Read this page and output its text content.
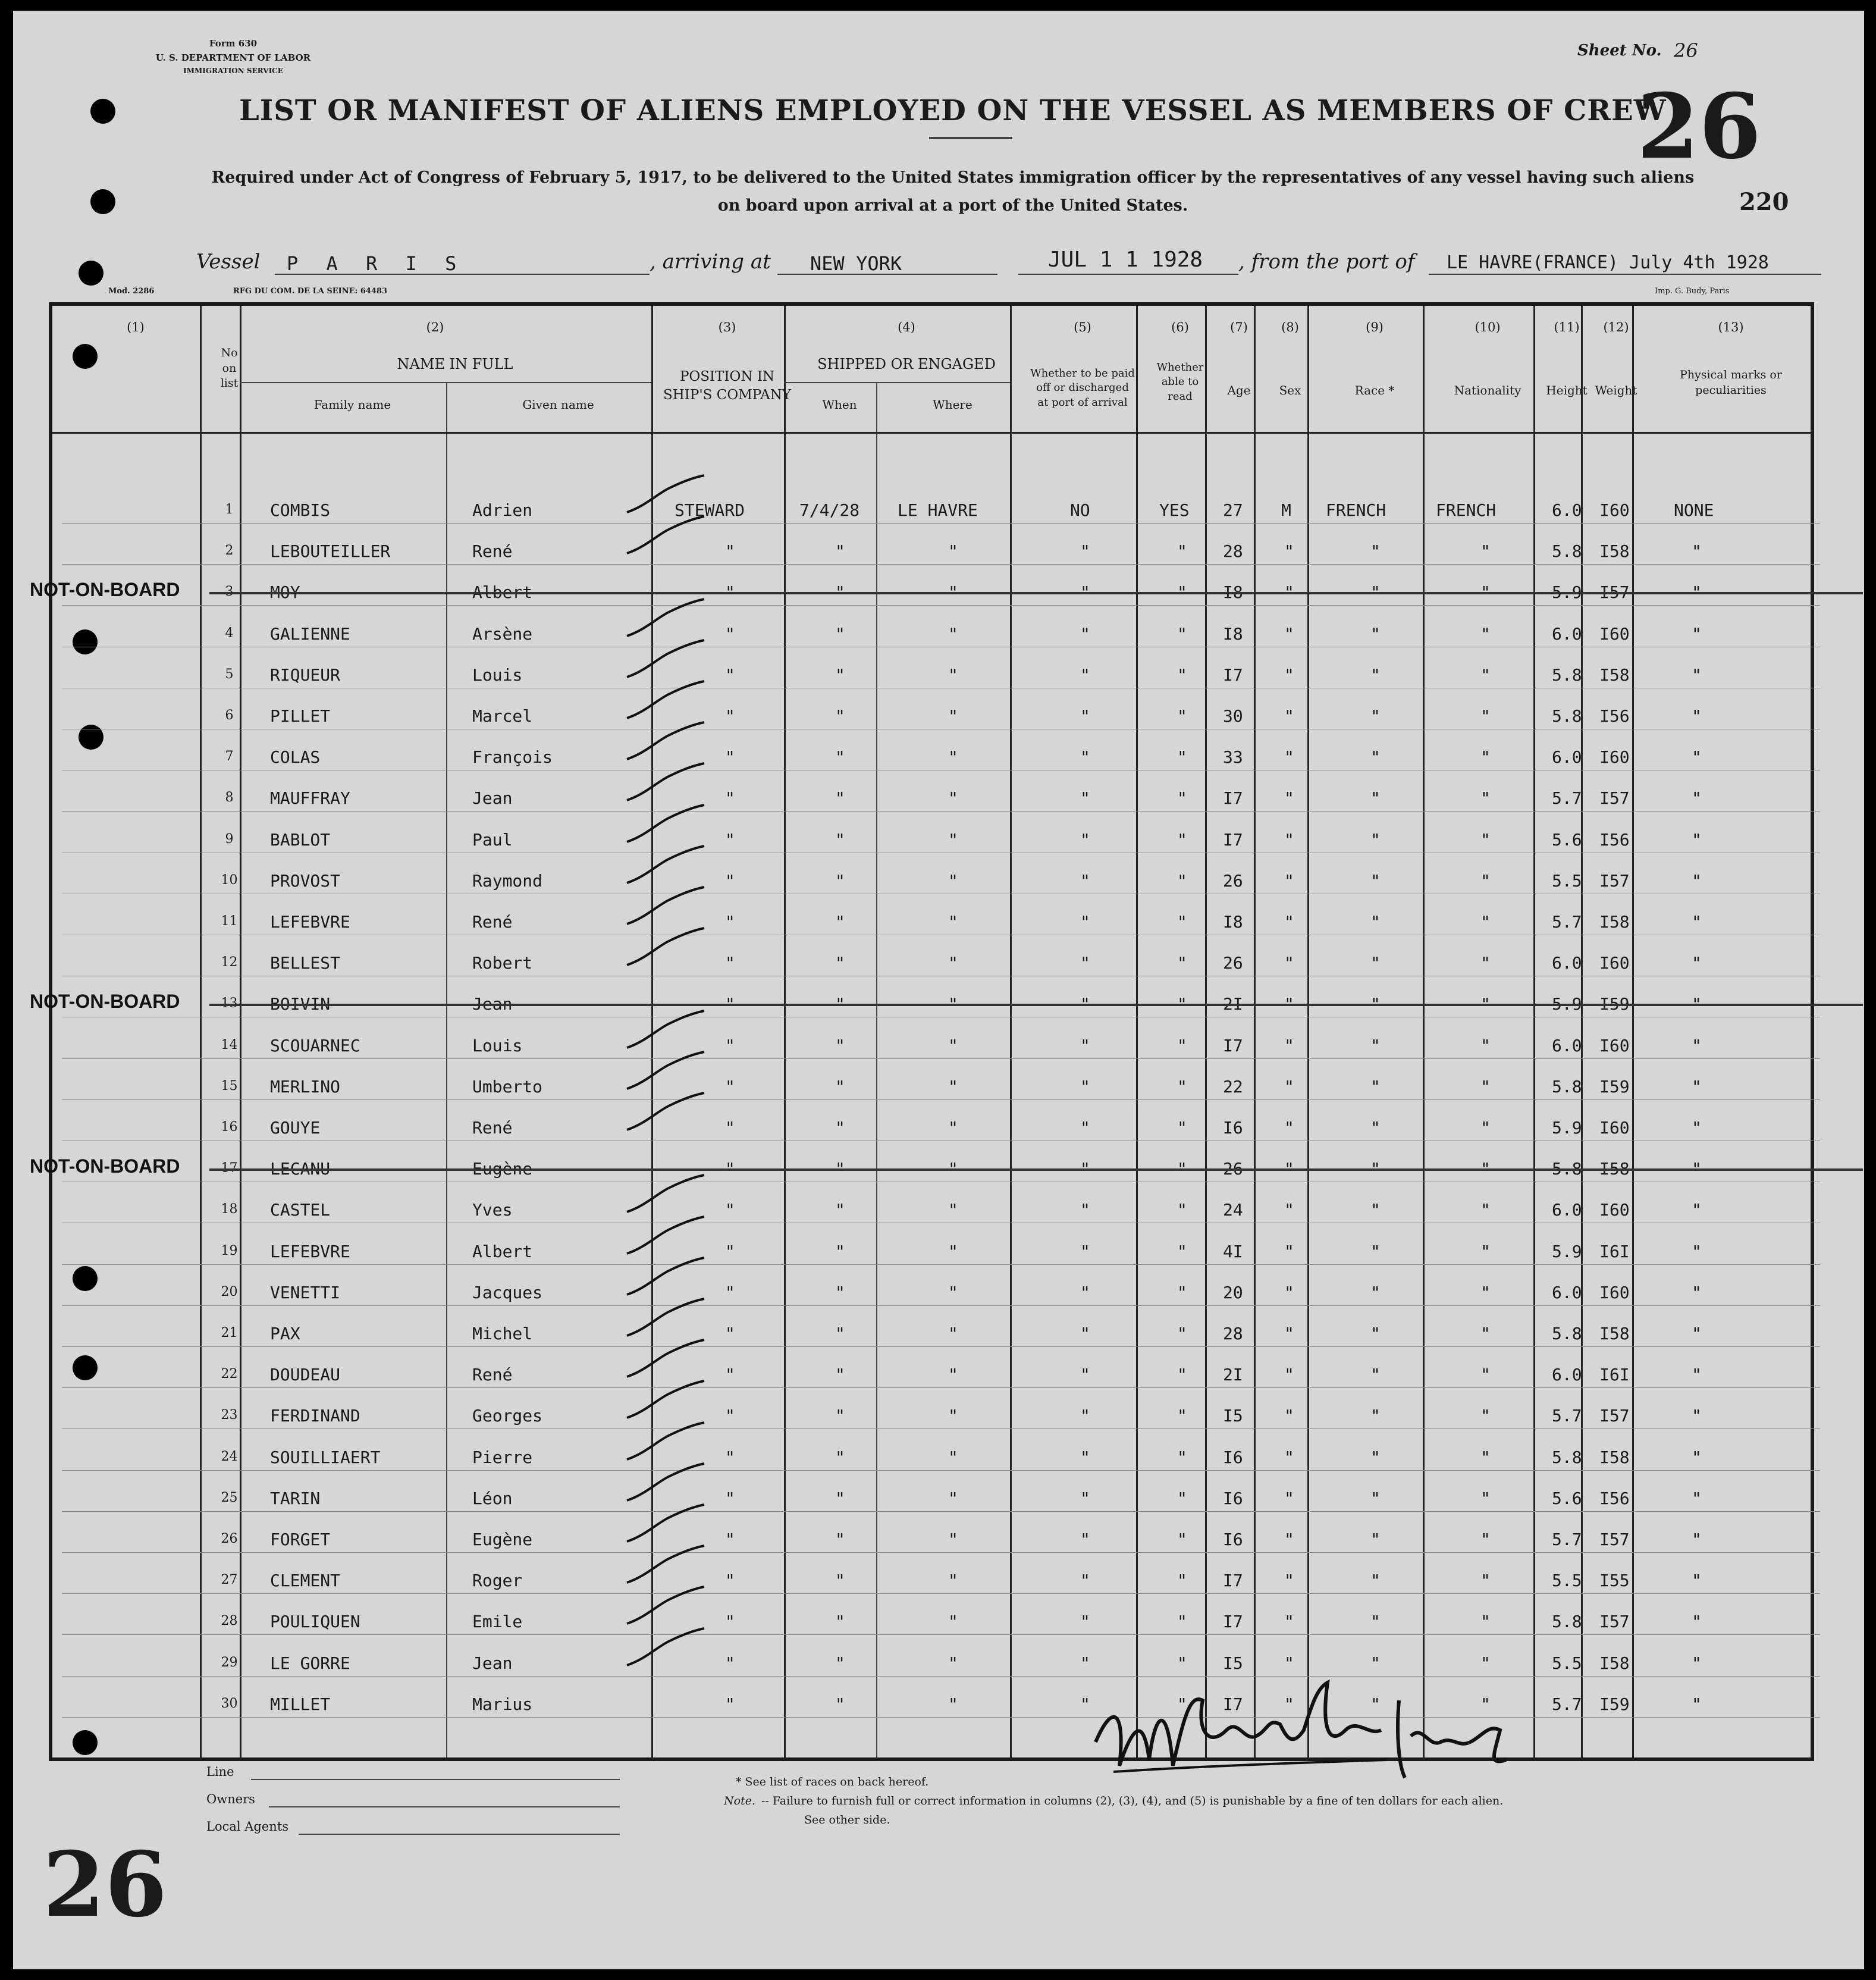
Form 630
U. S. DEPARTMENT OF LABOR
IMMIGRATION SERVICE
Sheet No. 26
26
220
LIST OR MANIFEST OF ALIENS EMPLOYED ON THE VESSEL AS MEMBERS OF CREW
Required under Act of Congress of February 5, 1917, to be delivered to the United States immigration officer by the representatives of any vessel having such aliens
on board upon arrival at a port of the United States.
Vessel P A R I S	, arriving at NEW YORK	JUL 1 1 1928 , from the port of LE HAVRE(FRANCE) July 4th 1928
Mod. 2286	RFG DU COM. DE LA SEINE: 64483	Imp. G. Budy, Paris
(1)	(2)	(3)	(4)	(5)	(6)	(7)	(8)	(9)	(10)	(11)	(12)	(13)
No
on
list
NAME IN FULL
Family name	Given name
POSITION IN
SHIP'S COMPANY
SHIPPED OR ENGAGED
When	Where
Whether to be paid
off or discharged
at port of arrival
Whether
able to
read	Age	Sex	Race *	Nationality	Height Weight
Physical marks or
peculiarities
1	COMBIS	Adrien	STEWARD	7/4/28 LE HAVRE	NO	YES 27 M FRENCH	FRENCH	6.0 I60	NONE
2	LEBOUTEILLER	René	"	"	"	"	" 28 "	"	"	5.8 I58	"
3	MOY	Albert	"	"	"	"	" I8 "	"	"	5.9 I57	"
NOT-ON-BOARD
4	GALIENNE	Arsène	"	"	"	"	" I8 "	"	"	6.0 I60	"
5	RIQUEUR	Louis	"	"	"	"	" I7 "	"	"	5.8 I58	"
6	PILLET	Marcel	"	"	"	"	" 30 "	"	"	5.8 I56	"
7	COLAS	François	"	"	"	"	" 33 "	"	"	6.0 I60	"
8	MAUFFRAY	Jean	"	"	"	"	" I7 "	"	"	5.7 I57	"
9	BABLOT	Paul	"	"	"	"	" I7 "	"	"	5.6 I56	"
10	PROVOST	Raymond	"	"	"	"	" 26 "	"	"	5.5 I57	"
11	LEFEBVRE	René	"	"	"	"	" I8 "	"	"	5.7 I58	"
12	BELLEST	Robert	"	"	"	"	" 26 "	"	"	6.0 I60	"
13	BOIVIN	Jean	"	"	"	"	" 2I "	"	"	5.9 I59	"
NOT-ON-BOARD
14	SCOUARNEC	Louis	"	"	"	"	" I7 "	"	"	6.0 I60	"
15	MERLINO	Umberto	"	"	"	"	" 22 "	"	"	5.8 I59	"
16	GOUYE	René	"	"	"	"	" I6 "	"	"	5.9 I60	"
17	LECANU	Eugène	"	"	"	"	" 26 "	"	"	5.8 I58	"
NOT-ON-BOARD
18	CASTEL	Yves	"	"	"	"	" 24 "	"	"	6.0 I60	"
19	LEFEBVRE	Albert	"	"	"	"	" 4I "	"	"	5.9 I6I	"
20	VENETTI	Jacques	"	"	"	"	" 20 "	"	"	6.0 I60	"
21	PAX	Michel	"	"	"	"	" 28 "	"	"	5.8 I58	"
22	DOUDEAU	René	"	"	"	"	" 2I "	"	"	6.0 I6I	"
23	FERDINAND	Georges	"	"	"	"	" I5 "	"	"	5.7 I57	"
24	SOUILLIAERT	Pierre	"	"	"	"	" I6 "	"	"	5.8 I58	"
25	TARIN	Léon	"	"	"	"	" I6 "	"	"	5.6 I56	"
26	FORGET	Eugène	"	"	"	"	" I6 "	"	"	5.7 I57	"
27	CLEMENT	Roger	"	"	"	"	" I7 "	"	"	5.5 I55	"
28	POULIQUEN	Emile	"	"	"	"	" I7 "	"	"	5.8 I57	"
29	LE GORRE	Jean	"	"	"	"	" I5 "	"	"	5.5 I58	"
30	MILLET	Marius	"	"	"	"	" I7 "	"	"	5.7 I59	"
Line
Owners
Local Agents
* See list of races on back hereof.
Note. -- Failure to furnish full or correct information in columns (2), (3), (4), and (5) is punishable by a fine of ten dollars for each alien.
See other side.
26
